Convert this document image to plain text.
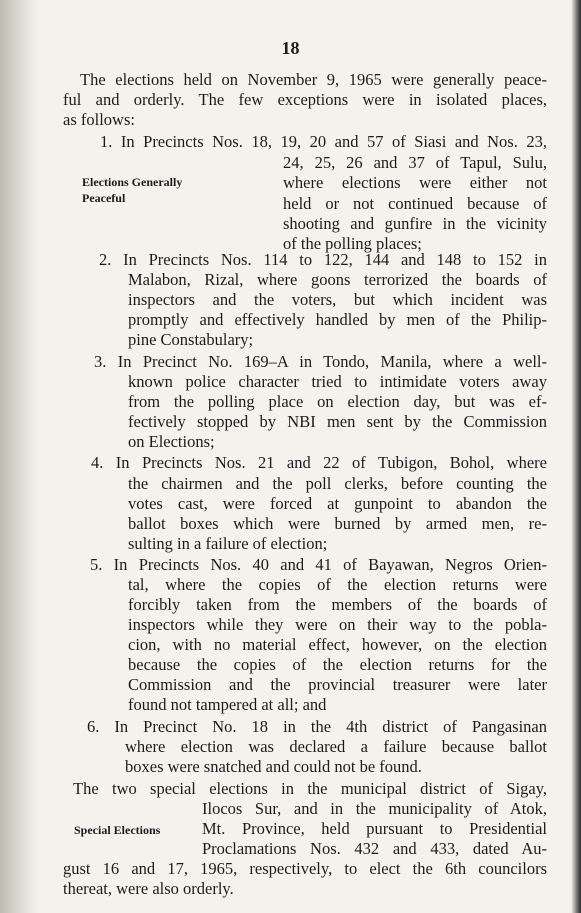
18
The elections held on November 9, 1965 were generally peace-
ful and orderly. The few exceptions were in isolated places,
as follows:
1. In Precincts Nos. 18, 19, 20 and 57 of Siasi and Nos. 23,
24, 25, 26 and 37 of Tapul, Sulu,
where elections were either not
held or not continued because of
shooting and gunfire in the vicinity
of the polling places;
Elections Generally
Peaceful
2. In Precincts Nos. 114 to 122, 144 and 148 to 152 in
Malabon, Rizal, where goons terrorized the boards of
inspectors and the voters, but which incident was
promptly and effectively handled by men of the Philip-
pine Constabulary;
3. In Precinct No. 169–A in Tondo, Manila, where a well-
known police character tried to intimidate voters away
from the polling place on election day, but was ef-
fectively stopped by NBI men sent by the Commission
on Elections;
4. In Precincts Nos. 21 and 22 of Tubigon, Bohol, where
the chairmen and the poll clerks, before counting the
votes cast, were forced at gunpoint to abandon the
ballot boxes which were burned by armed men, re-
sulting in a failure of election;
5. In Precincts Nos. 40 and 41 of Bayawan, Negros Orien-
tal, where the copies of the election returns were
forcibly taken from the members of the boards of
inspectors while they were on their way to the pobla-
cion, with no material effect, however, on the election
because the copies of the election returns for the
Commission and the provincial treasurer were later
found not tampered at all; and
6. In Precinct No. 18 in the 4th district of Pangasinan
where election was declared a failure because ballot
boxes were snatched and could not be found.
The two special elections in the municipal district of Sigay,
Ilocos Sur, and in the municipality of Atok,
Mt. Province, held pursuant to Presidential
Proclamations Nos. 432 and 433, dated Au-
gust 16 and 17, 1965, respectively, to elect the 6th councilors
thereat, were also orderly.
Special Elections
